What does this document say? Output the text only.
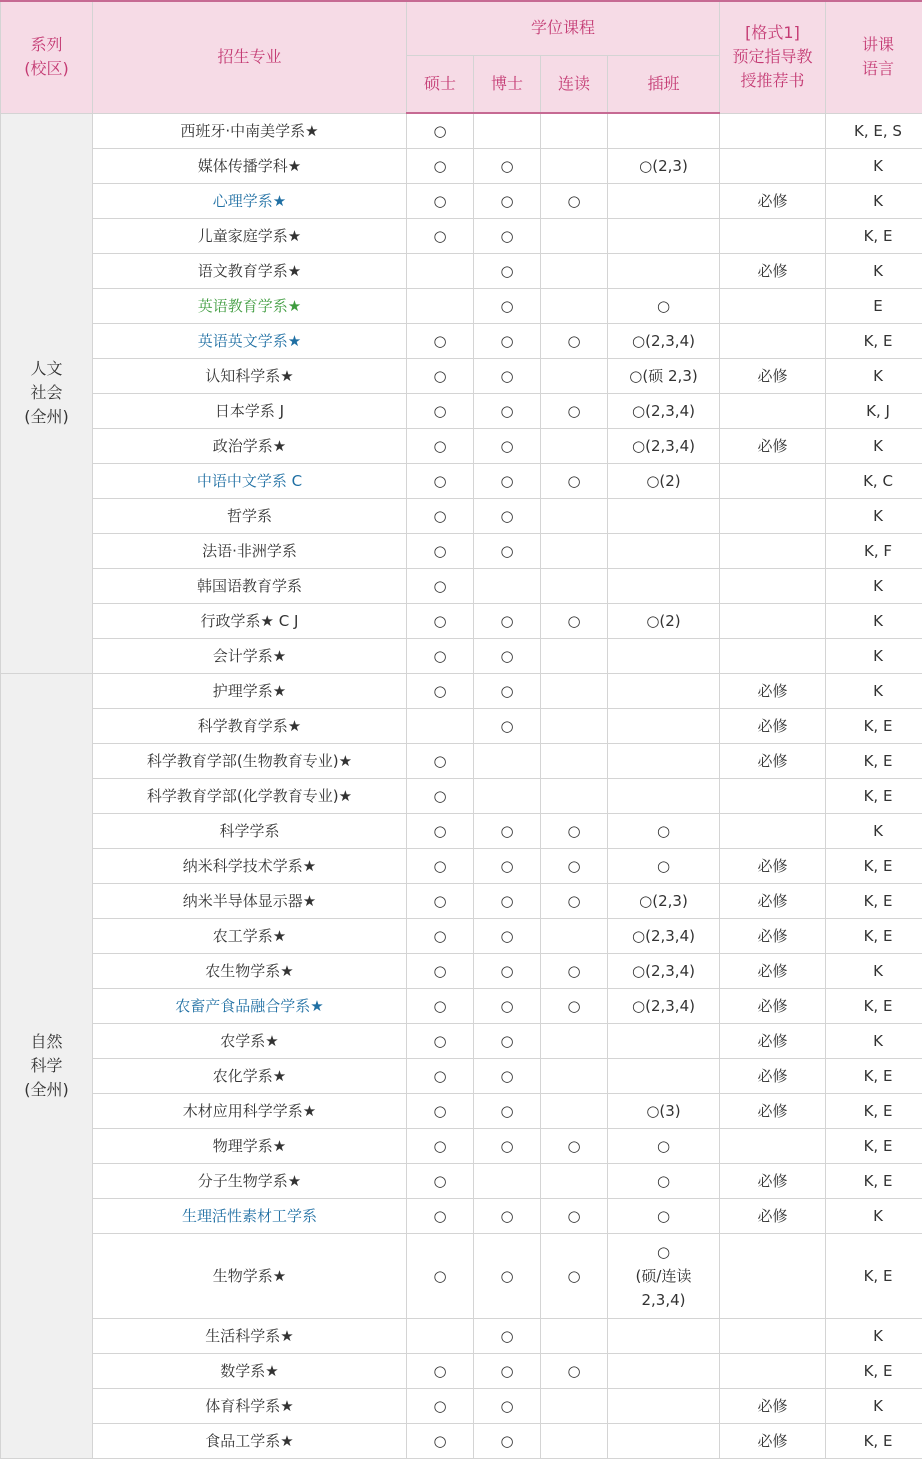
系列
(校区)	招生专业	学位课程				[格式1]
预定指导教
授推荐书	讲课
语言

		硕士	博士	连读	插班		

人文
社会
(全州)	西班牙·中南美学系★	○					K, E, S
	媒体传播学科★	○	○		○(2,3)		K
	心理学系★	○	○	○		必修	K
	儿童家庭学系★	○	○				K, E
	语文教育学系★		○			必修	K
	英语教育学系★		○		○		E
	英语英文学系★	○	○	○	○(2,3,4)		K, E
	认知科学系★	○	○		○(硕 2,3)	必修	K
	日本学系 J	○	○	○	○(2,3,4)		K, J
	政治学系★	○	○		○(2,3,4)	必修	K
	中语中文学系 C	○	○	○	○(2)		K, C
	哲学系	○	○				K
	法语·非洲学系	○	○				K, F
	韩国语教育学系	○					K
	行政学系★ C J	○	○	○	○(2)		K
	会计学系★	○	○				K

自然
科学
(全州)	护理学系★	○	○			必修	K
	科学教育学系★		○			必修	K, E
	科学教育学部(生物教育专业)★	○				必修	K, E
	科学教育学部(化学教育专业)★	○					K, E
	科学学系	○	○	○	○		K
	纳米科学技术学系★	○	○	○	○	必修	K, E
	纳米半导体显示器★	○	○	○	○(2,3)	必修	K, E
	农工学系★	○	○		○(2,3,4)	必修	K, E
	农生物学系★	○	○	○	○(2,3,4)	必修	K
	农畜产食品融合学系★	○	○	○	○(2,3,4)	必修	K, E
	农学系★	○	○			必修	K
	农化学系★	○	○			必修	K, E
	木材应用科学学系★	○	○		○(3)	必修	K, E
	物理学系★	○	○	○	○		K, E
	分子生物学系★	○			○	必修	K, E
	生理活性素材工学系	○	○	○	○	必修	K
	生物学系★	○	○	○	○
(硕/连读
2,3,4)		K, E
	生活科学系★		○				K
	数学系★	○	○	○			K, E
	体育科学系★	○	○			必修	K
	食品工学系★	○	○			必修	K, E
